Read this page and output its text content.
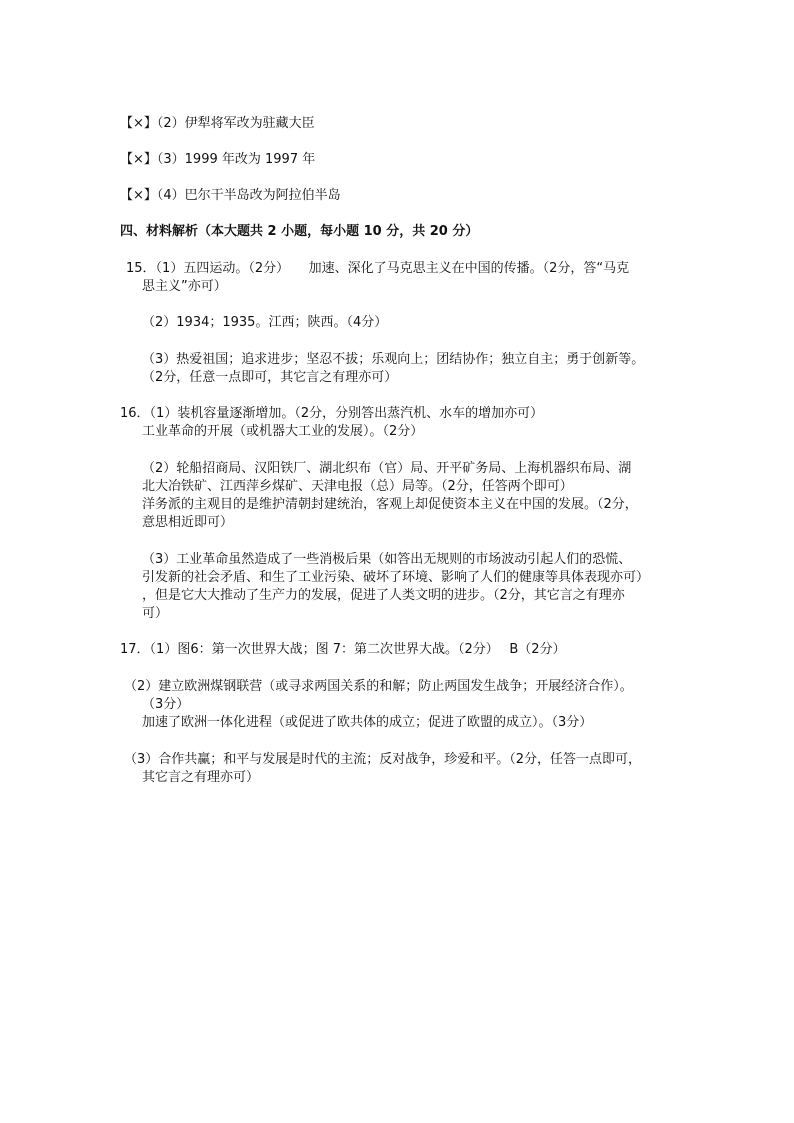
【×】（2）伊犁将军改为驻藏大臣
【×】（3）1999 年改为 1997 年
【×】（4）巴尔干半岛改为阿拉伯半岛
四、材料解析（本大题共 2 小题，每小题 10 分，共 20 分）
15．（1）五四运动。（2分）　　加速、深化了马克思主义在中国的传播。（2分，答“马克
思主义”亦可）
（2）1934；1935。江西；陕西。（4分）
（3）热爱祖国；追求进步；坚忍不拔；乐观向上；团结协作；独立自主；勇于创新等。
（2分，任意一点即可，其它言之有理亦可）
16．（1）装机容量逐渐增加。（2分，分别答出蒸汽机、水车的增加亦可）
工业革命的开展（或机器大工业的发展）。（2分）
（2）轮船招商局、汉阳铁厂、湖北织布（官）局、开平矿务局、上海机器织布局、湖
北大冶铁矿、江西萍乡煤矿、天津电报（总）局等。（2分，任答两个即可）
洋务派的主观目的是维护清朝封建统治，客观上却促使资本主义在中国的发展。（2分，
意思相近即可）
（3）工业革命虽然造成了一些消极后果（如答出无规则的市场波动引起人们的恐慌、
引发新的社会矛盾、和生了工业污染、破坏了环境、影响了人们的健康等具体表现亦可）
，但是它大大推动了生产力的发展，促进了人类文明的进步。（2分，其它言之有理亦
可）
17．（1）图6：第一次世界大战；图 7：第二次世界大战。（2分）　 B（2分）
（2）建立欧洲煤钢联营（或寻求两国关系的和解；防止两国发生战争；开展经济合作）。
（3分）
加速了欧洲一体化进程（或促进了欧共体的成立；促进了欧盟的成立）。（3分）
（3）合作共赢；和平与发展是时代的主流；反对战争，珍爱和平。（2分，任答一点即可，
其它言之有理亦可）
